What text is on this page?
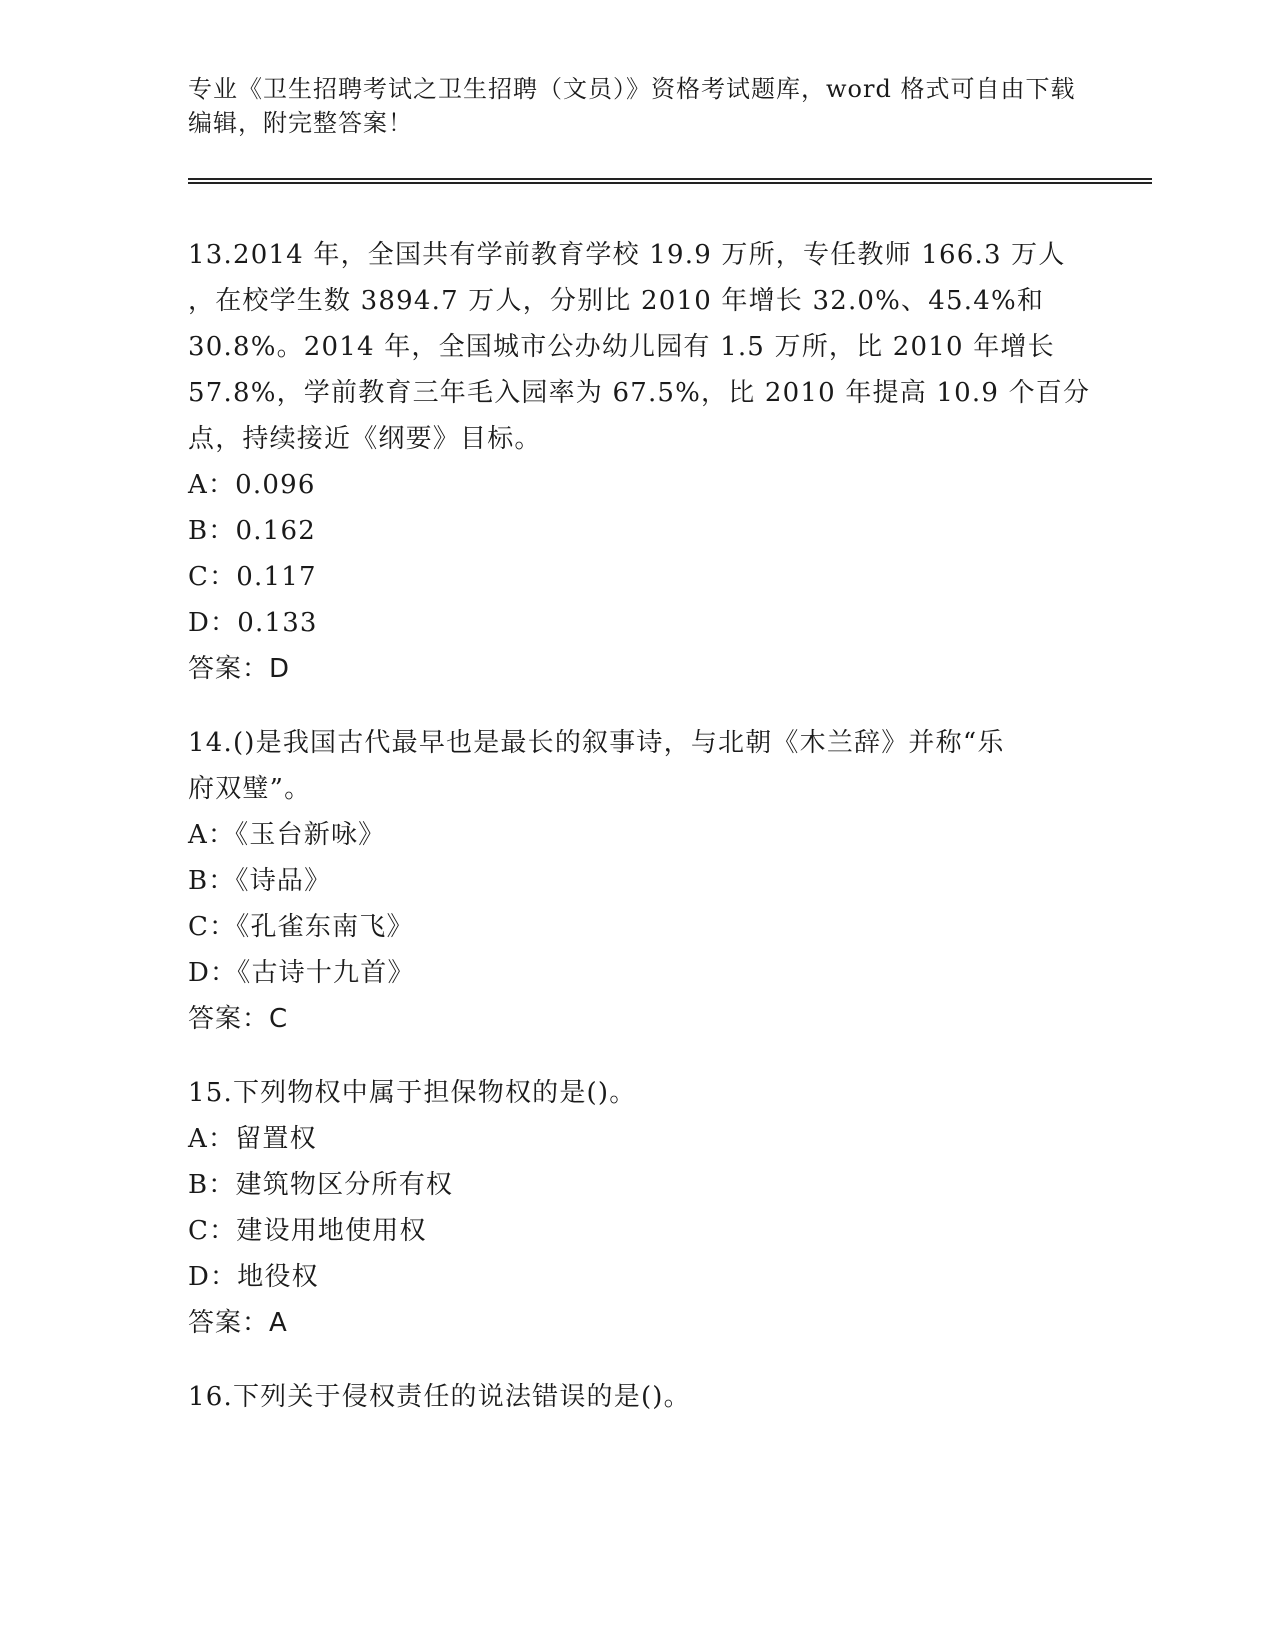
专业《卫生招聘考试之卫生招聘（文员）》资格考试题库，word 格式可自由下载
编辑，附完整答案！
13.2014 年，全国共有学前教育学校 19.9 万所，专任教师 166.3 万人
，在校学生数 3894.7 万人，分别比 2010 年增长 32.0%、45.4%和
30.8%。2014 年，全国城市公办幼儿园有 1.5 万所，比 2010 年增长
57.8%，学前教育三年毛入园率为 67.5%，比 2010 年提高 10.9 个百分
点，持续接近《纲要》目标。
A：0.096
B：0.162
C：0.117
D：0.133
答案：D
14.()是我国古代最早也是最长的叙事诗，与北朝《木兰辞》并称“乐
府双璧”。
A：《玉台新咏》
B：《诗品》
C：《孔雀东南飞》
D：《古诗十九首》
答案：C
15.下列物权中属于担保物权的是()。
A：留置权
B：建筑物区分所有权
C：建设用地使用权
D：地役权
答案：A
16.下列关于侵权责任的说法错误的是()。
